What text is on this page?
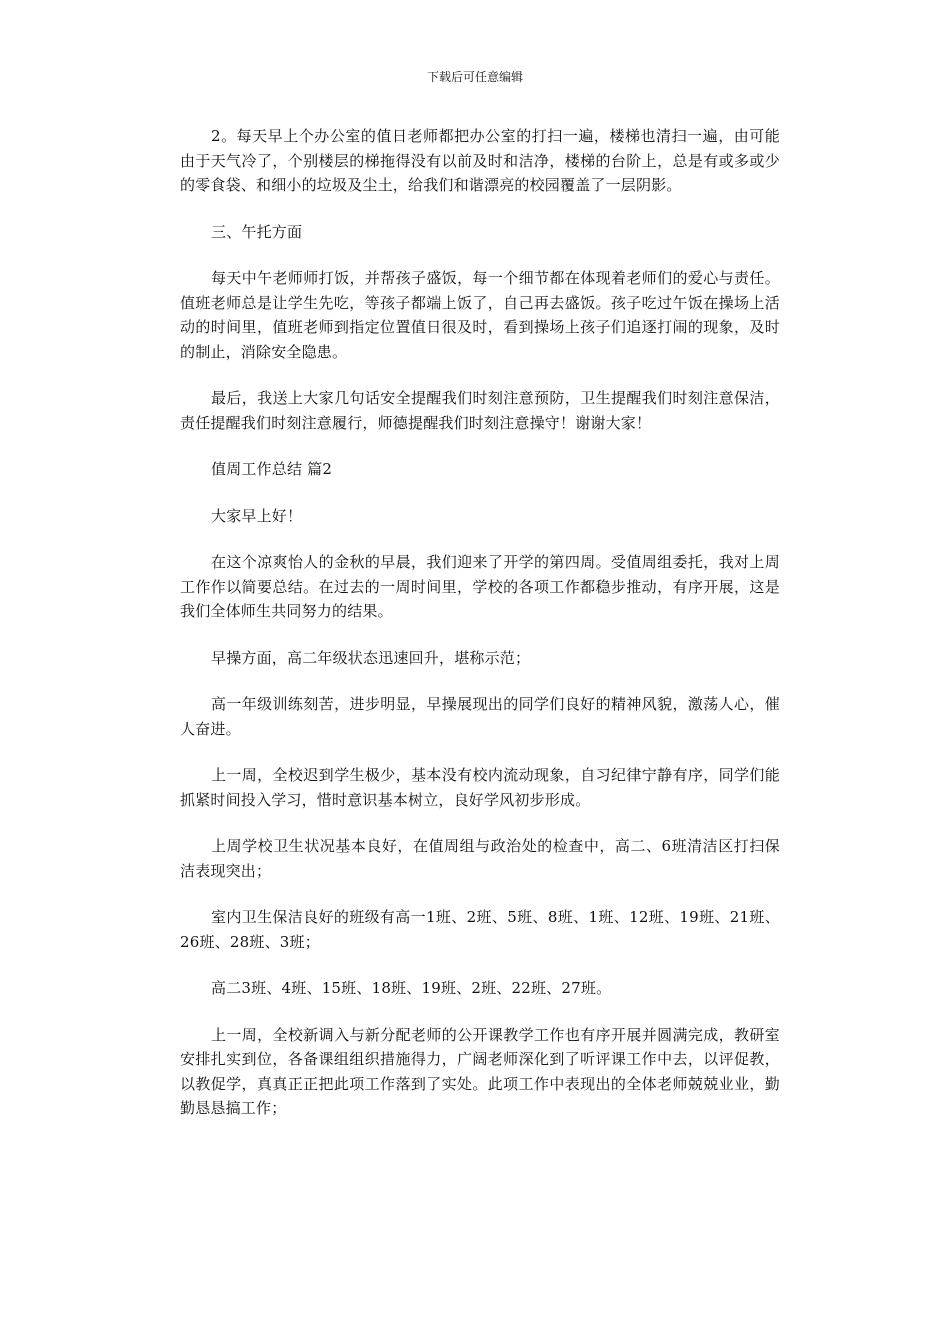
下载后可任意编辑

2。每天早上个办公室的值日老师都把办公室的打扫一遍，楼梯也清扫一遍，由可能由于天气冷了，个别楼层的梯拖得没有以前及时和洁净，楼梯的台阶上，总是有或多或少的零食袋、和细小的垃圾及尘土，给我们和谐漂亮的校园覆盖了一层阴影。

三、午托方面

每天中午老师师打饭，并帮孩子盛饭，每一个细节都在体现着老师们的爱心与责任。值班老师总是让学生先吃，等孩子都端上饭了，自己再去盛饭。孩子吃过午饭在操场上活动的时间里，值班老师到指定位置值日很及时，看到操场上孩子们追逐打闹的现象，及时的制止，消除安全隐患。

最后，我送上大家几句话安全提醒我们时刻注意预防，卫生提醒我们时刻注意保洁，责任提醒我们时刻注意履行，师德提醒我们时刻注意操守！谢谢大家！

值周工作总结 篇2

大家早上好！

在这个凉爽怡人的金秋的早晨，我们迎来了开学的第四周。受值周组委托，我对上周工作作以简要总结。在过去的一周时间里，学校的各项工作都稳步推动，有序开展，这是我们全体师生共同努力的结果。

早操方面，高二年级状态迅速回升，堪称示范；

高一年级训练刻苦，进步明显，早操展现出的同学们良好的精神风貌，激荡人心，催人奋进。

上一周，全校迟到学生极少，基本没有校内流动现象，自习纪律宁静有序，同学们能抓紧时间投入学习，惜时意识基本树立，良好学风初步形成。

上周学校卫生状况基本良好，在值周组与政治处的检查中，高二、6班清洁区打扫保洁表现突出；

室内卫生保洁良好的班级有高一1班、2班、5班、8班、1班、12班、19班、21班、26班、28班、3班；

高二3班、4班、15班、18班、19班、2班、22班、27班。

上一周，全校新调入与新分配老师的公开课教学工作也有序开展并圆满完成，教研室安排扎实到位，各备课组组织措施得力，广阔老师深化到了听评课工作中去，以评促教，以教促学，真真正正把此项工作落到了实处。此项工作中表现出的全体老师兢兢业业，勤勤恳恳搞工作；
